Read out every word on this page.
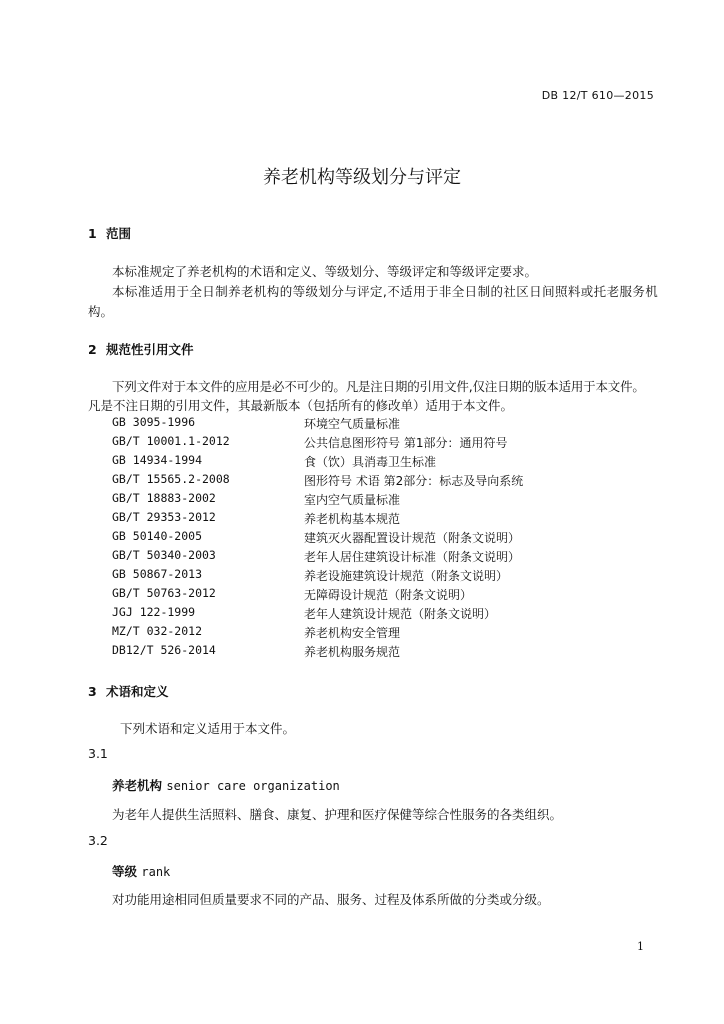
DB 12/T 610—2015
养老机构等级划分与评定
1 范围
本标准规定了养老机构的术语和定义、等级划分、等级评定和等级评定要求。
本标准适用于全日制养老机构的等级划分与评定,不适用于非全日制的社区日间照料或托老服务机
构。
2 规范性引用文件
下列文件对于本文件的应用是必不可少的。凡是注日期的引用文件,仅注日期的版本适用于本文件。
凡是不注日期的引用文件，其最新版本（包括所有的修改单）适用于本文件。
GB 3095-1996	环境空气质量标准
GB/T 10001.1-2012	公共信息图形符号 第1部分：通用符号
GB 14934-1994	食（饮）具消毒卫生标准
GB/T 15565.2-2008	图形符号 术语 第2部分：标志及导向系统
GB/T 18883-2002	室内空气质量标准
GB/T 29353-2012	养老机构基本规范
GB 50140-2005	建筑灭火器配置设计规范（附条文说明）
GB/T 50340-2003	老年人居住建筑设计标准（附条文说明）
GB 50867-2013	养老设施建筑设计规范（附条文说明）
GB/T 50763-2012	无障碍设计规范（附条文说明）
JGJ 122-1999	老年人建筑设计规范（附条文说明）
MZ/T 032-2012	养老机构安全管理
DB12/T 526-2014	养老机构服务规范
3 术语和定义
下列术语和定义适用于本文件。
3.1
养老机构 senior care organization
为老年人提供生活照料、膳食、康复、护理和医疗保健等综合性服务的各类组织。
3.2
等级 rank
对功能用途相同但质量要求不同的产品、服务、过程及体系所做的分类或分级。
1
